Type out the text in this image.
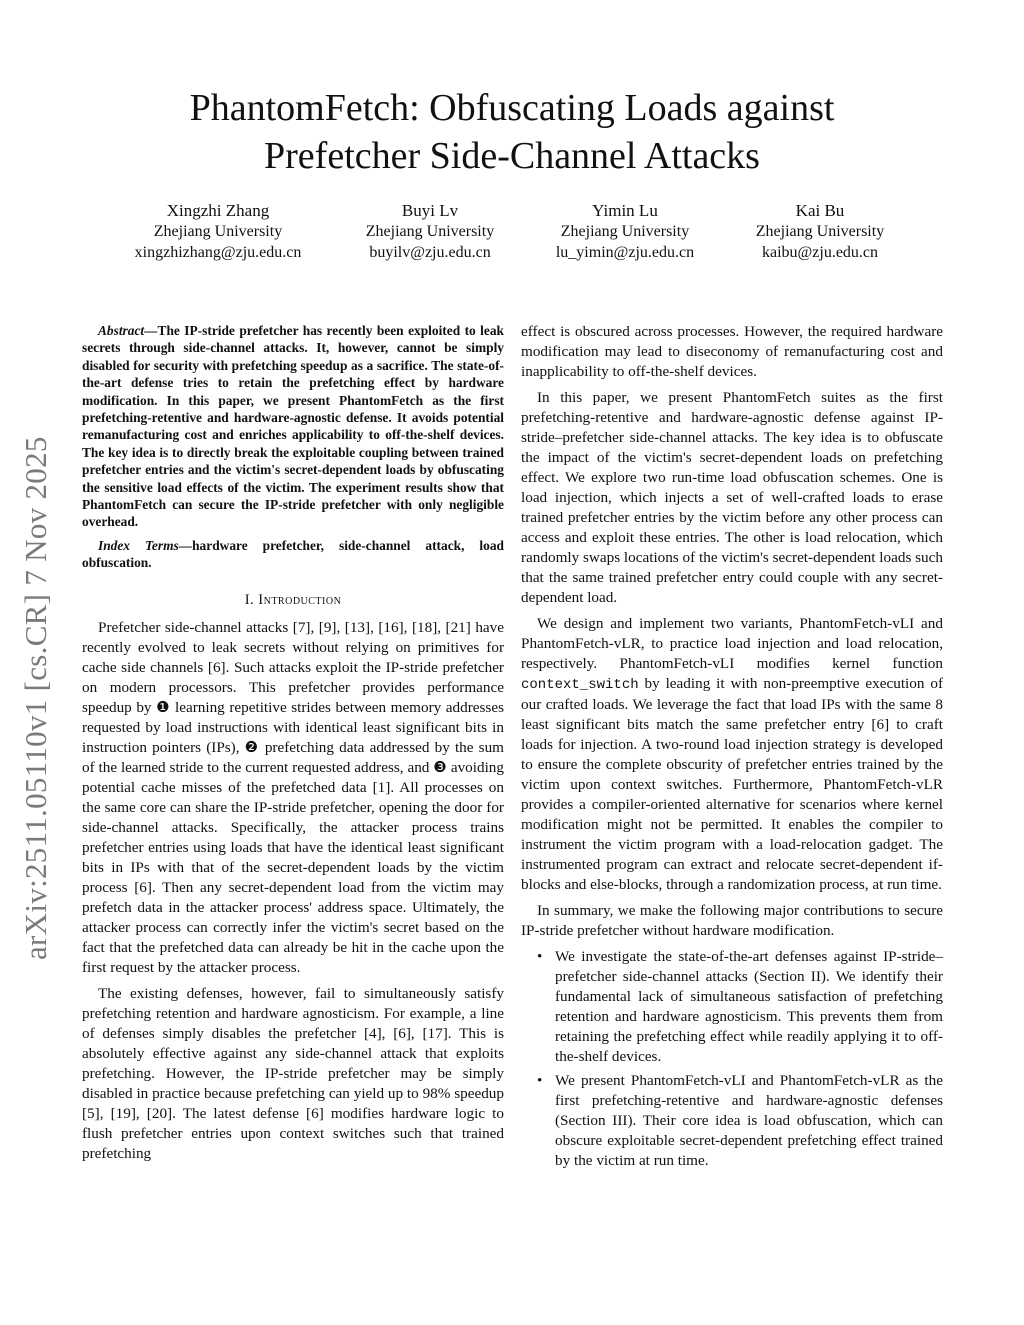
arXiv:2511.05110v1 [cs.CR] 7 Nov 2025
PhantomFetch: Obfuscating Loads against
Prefetcher Side-Channel Attacks
Xingzhi Zhang
Zhejiang University
xingzhizhang@zju.edu.cn
Buyi Lv
Zhejiang University
buyilv@zju.edu.cn
Yimin Lu
Zhejiang University
lu_yimin@zju.edu.cn
Kai Bu
Zhejiang University
kaibu@zju.edu.cn

Abstract—The IP-stride prefetcher has recently been exploited to leak secrets through side-channel attacks. It, however, cannot be simply disabled for security with prefetching speedup as a sacrifice. The state-of-the-art defense tries to retain the prefetching effect by hardware modification. In this paper, we present PhantomFetch as the first prefetching-retentive and hardware-agnostic defense. It avoids potential remanufacturing cost and enriches applicability to off-the-shelf devices. The key idea is to directly break the exploitable coupling between trained prefetcher entries and the victim's secret-dependent loads by obfuscating the sensitive load effects of the victim. The experiment results show that PhantomFetch can secure the IP-stride prefetcher with only negligible overhead.

Index Terms—hardware prefetcher, side-channel attack, load obfuscation.

I. Introduction

Prefetcher side-channel attacks [7], [9], [13], [16], [18], [21] have recently evolved to leak secrets without relying on primitives for cache side channels [6]. Such attacks exploit the IP-stride prefetcher on modern processors. This prefetcher provides performance speedup by ❶ learning repetitive strides between memory addresses requested by load instructions with identical least significant bits in instruction pointers (IPs), ❷ prefetching data addressed by the sum of the learned stride to the current requested address, and ❸ avoiding potential cache misses of the prefetched data [1]. All processes on the same core can share the IP-stride prefetcher, opening the door for side-channel attacks. Specifically, the attacker process trains prefetcher entries using loads that have the identical least significant bits in IPs with that of the secret-dependent loads by the victim process [6]. Then any secret-dependent load from the victim may prefetch data in the attacker process' address space. Ultimately, the attacker process can correctly infer the victim's secret based on the fact that the prefetched data can already be hit in the cache upon the first request by the attacker process.

The existing defenses, however, fail to simultaneously satisfy prefetching retention and hardware agnosticism. For example, a line of defenses simply disables the prefetcher [4], [6], [17]. This is absolutely effective against any side-channel attack that exploits prefetching. However, the IP-stride prefetcher may be simply disabled in practice because prefetching can yield up to 98% speedup [5], [19], [20]. The latest defense [6] modifies hardware logic to flush prefetcher entries upon context switches such that trained prefetching

effect is obscured across processes. However, the required hardware modification may lead to diseconomy of remanufacturing cost and inapplicability to off-the-shelf devices.

In this paper, we present PhantomFetch suites as the first prefetching-retentive and hardware-agnostic defense against IP-stride–prefetcher side-channel attacks. The key idea is to obfuscate the impact of the victim's secret-dependent loads on prefetching effect. We explore two run-time load obfuscation schemes. One is load injection, which injects a set of well-crafted loads to erase trained prefetcher entries by the victim before any other process can access and exploit these entries. The other is load relocation, which randomly swaps locations of the victim's secret-dependent loads such that the same trained prefetcher entry could couple with any secret-dependent load.

We design and implement two variants, PhantomFetch-vLI and PhantomFetch-vLR, to practice load injection and load relocation, respectively. PhantomFetch-vLI modifies kernel function context_switch by leading it with non-preemptive execution of our crafted loads. We leverage the fact that load IPs with the same 8 least significant bits match the same prefetcher entry [6] to craft loads for injection. A two-round load injection strategy is developed to ensure the complete obscurity of prefetcher entries trained by the victim upon context switches. Furthermore, PhantomFetch-vLR provides a compiler-oriented alternative for scenarios where kernel modification might not be permitted. It enables the compiler to instrument the victim program with a load-relocation gadget. The instrumented program can extract and relocate secret-dependent if-blocks and else-blocks, through a randomization process, at run time.

In summary, we make the following major contributions to secure IP-stride prefetcher without hardware modification.

• We investigate the state-of-the-art defenses against IP-stride–prefetcher side-channel attacks (Section II). We identify their fundamental lack of simultaneous satisfaction of prefetching retention and hardware agnosticism. This prevents them from retaining the prefetching effect while readily applying it to off-the-shelf devices.
• We present PhantomFetch-vLI and PhantomFetch-vLR as the first prefetching-retentive and hardware-agnostic defenses (Section III). Their core idea is load obfuscation, which can obscure exploitable secret-dependent prefetching effect trained by the victim at run time.
